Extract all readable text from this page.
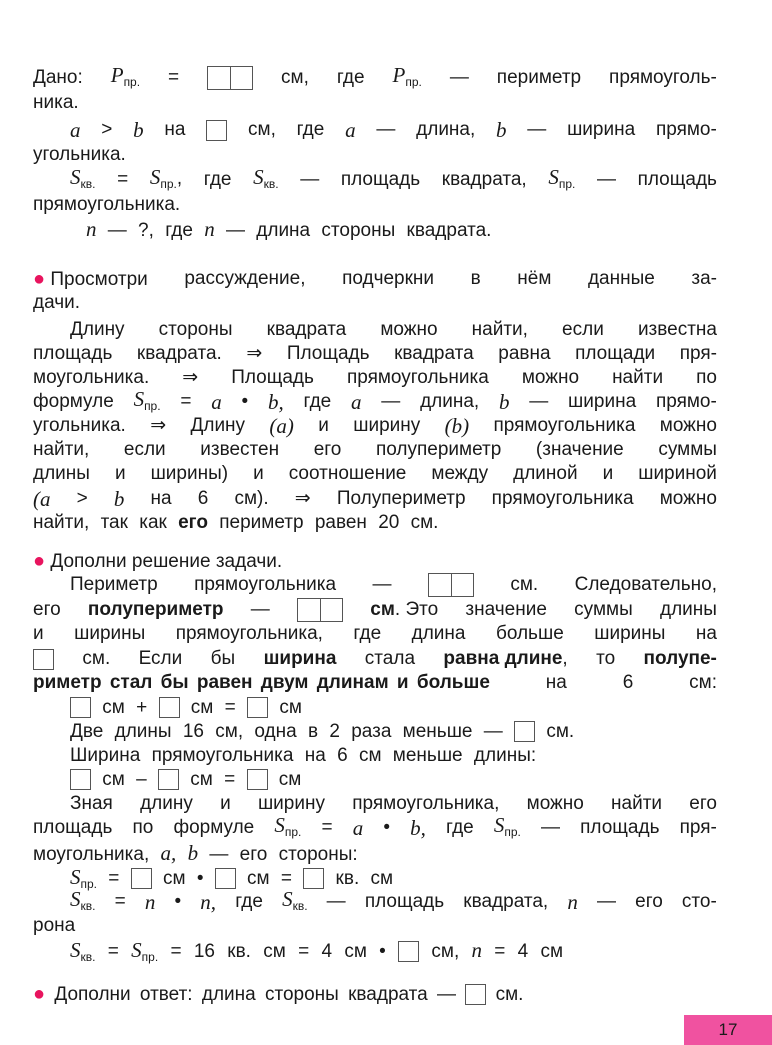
Дано: $Р_{пр.}$ =	см, где $Р_{пр.}$ — периметр прямоуголь-
ника.
a > b на	см, где a — длина, b — ширина прямо-
угольника.
$S_{кв.} = S_{пр.}$, где $S_{кв.}$ — площадь квадрата, $S_{пр.}$ — площадь
прямоугольника.
n — ?, где n — длина стороны квадрата.
● Просмотри рассуждение, подчеркни в нём данные за-
дачи.
Длину стороны квадрата можно найти, если известна
площадь квадрата. ⇒ Площадь квадрата равна площади пря-
моугольника. ⇒ Площадь прямоугольника можно найти по
формуле $S_{пр.} = a$ • b, где a — длина, b — ширина прямо-
угольника. ⇒ Длину (a) и ширину (b) прямоугольника можно
найти, если известен его полупериметр (значение суммы
длины и ширины) и соотношение между длиной и шириной
(a > b на 6 см). ⇒ Полупериметр прямоугольника можно
найти, так как его периметр равен 20 см.
● Дополни решение задачи.
Периметр прямоугольника —	см. Следовательно,
его полупериметр —	см. Это значение суммы длины
и ширины прямоугольника, где длина больше ширины на
см. Если бы ширина стала равна длине, то полупе-
риметр стал бы равен двум длинам и больше	на	6	см:
см + см = см
Две длины 16 см, одна в 2 раза меньше — см.
Ширина прямоугольника на 6 см меньше длины:
см – см = см
Зная длину и ширину прямоугольника, можно найти его
площадь по формуле $S_{пр.} = a$ • b, где $S_{пр.}$ — площадь пря-
моугольника, a, b — его стороны:
$S_{пр.}$ = см • см = кв. см
$S_{кв.} = n$ • n, где $S_{кв.}$ — площадь квадрата, n — его сто-
рона
$S_{кв.} = S_{пр.} = 16$ кв. см = 4 см • см, n = 4 см
● Дополни ответ: длина стороны квадрата — см.
17
